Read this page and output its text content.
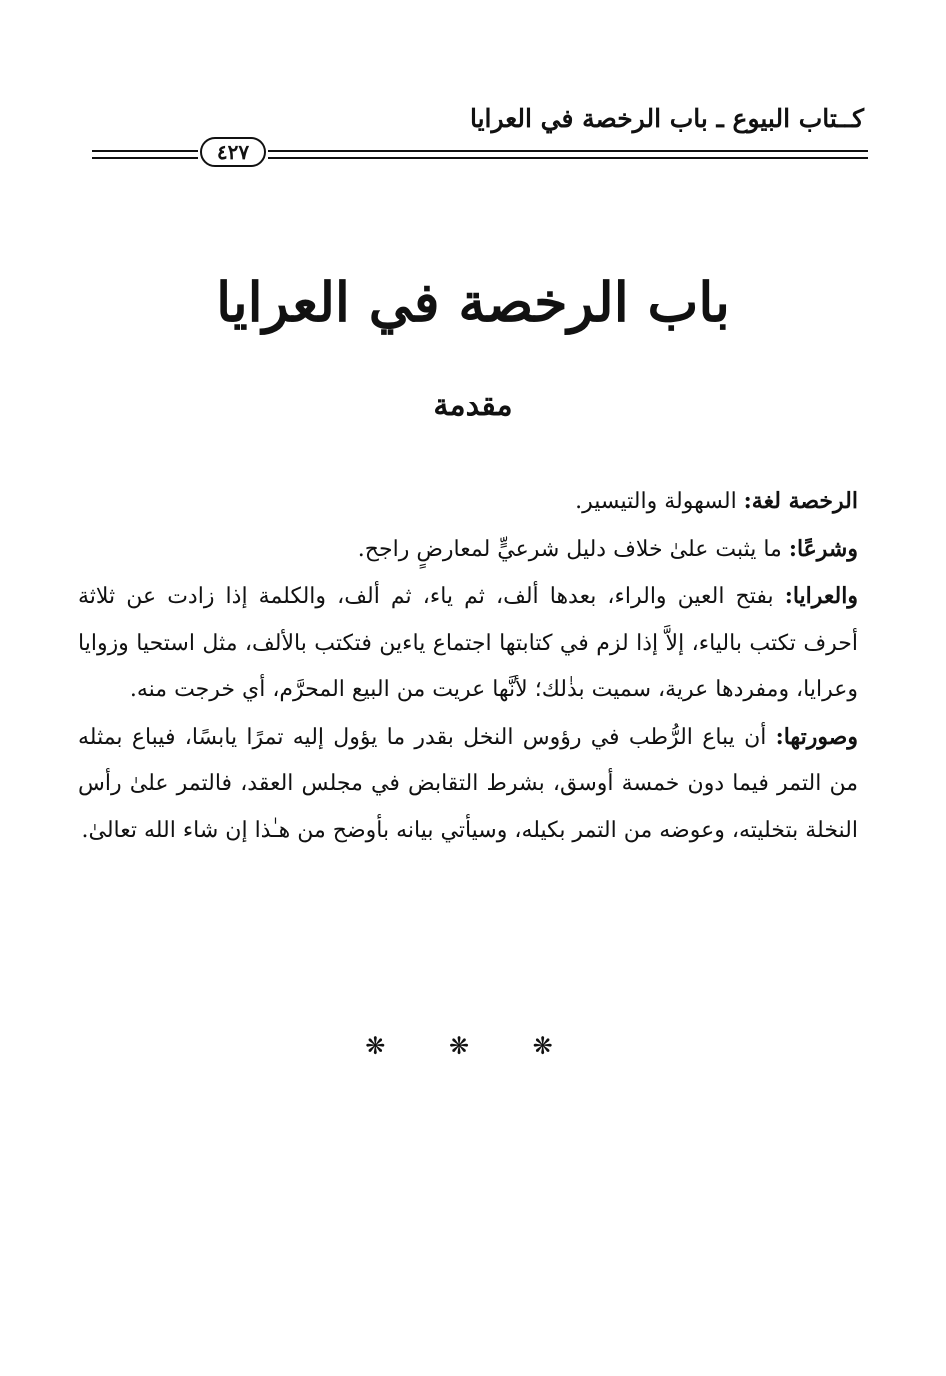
كــتاب البيوع ـ باب الرخصة في العرايا
٤٢٧
باب الرخصة في العرايا
مقدمة

الرخصة لغة: السهولة والتيسير.

وشرعًا: ما يثبت علىٰ خلاف دليل شرعيٍّ لمعارضٍ راجح.

والعرايا: بفتح العين والراء، بعدها ألف، ثم ياء، ثم ألف، والكلمة إذا زادت عن ثلاثة أحرف تكتب بالياء، إلاَّ إذا لزم في كتابتها اجتماع ياءين فتكتب بالألف، مثل استحيا وزوايا وعرايا، ومفردها عرية، سميت بذٰلك؛ لأنَّها عريت من البيع المحرَّم، أي خرجت منه.

وصورتها: أن يباع الرُّطب في رؤوس النخل بقدر ما يؤول إليه تمرًا يابسًا، فيباع بمثله من التمر فيما دون خمسة أوسق، بشرط التقابض في مجلس العقد، فالتمر علىٰ رأس النخلة بتخليته، وعوضه من التمر بكيله، وسيأتي بيانه بأوضح من هـٰذا إن شاء الله تعالىٰ.

❋ ❋ ❋
